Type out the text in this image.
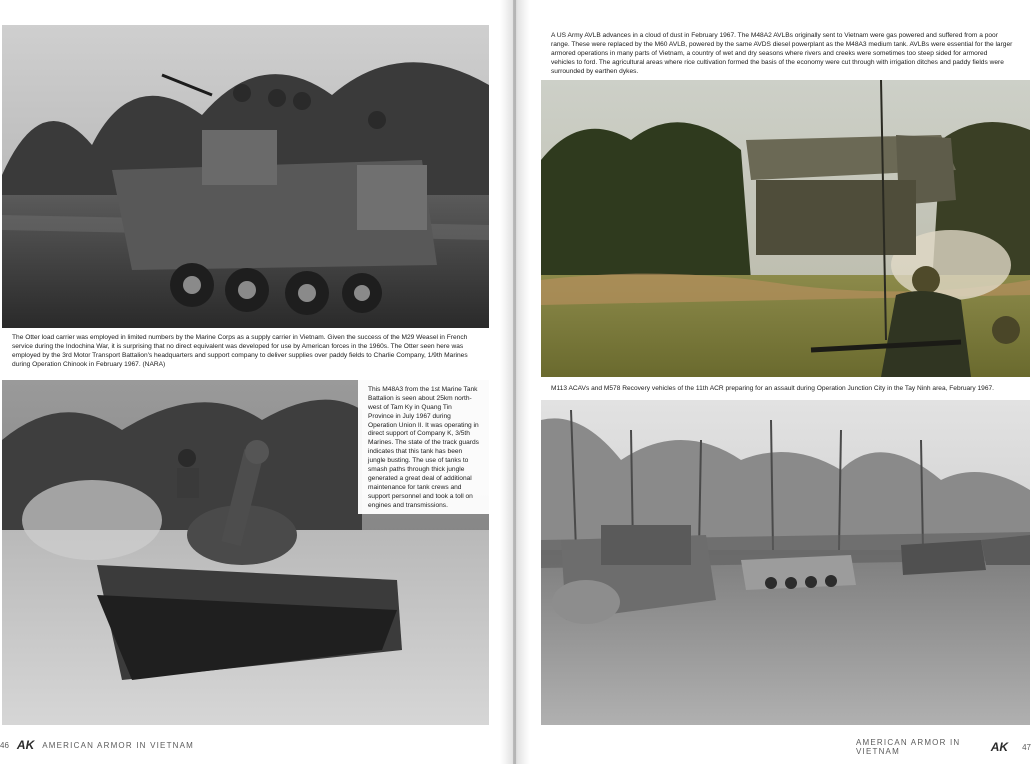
The Otter load carrier was employed in limited numbers by the Marine Corps as a supply carrier in Vietnam. Given the success of the M29 Weasel in French service during the Indochina War, it is surprising that no direct equivalent was developed for use by American forces in the 1960s. The Otter seen here was employed by the 3rd Motor Transport Battalion's headquarters and support company to deliver supplies over paddy fields to Charlie Company, 1/9th Marines during Operation Chinook in February 1967. (NARA)
This M48A3 from the 1st Marine Tank Battalion is seen about 25km north-west of Tam Ky in Quang Tin Province in July 1967 during Operation Union II. It was operating in direct support of Company K, 3/5th Marines. The state of the track guards indicates that this tank has been jungle busting. The use of tanks to smash paths through thick jungle generated a great deal of additional maintenance for tank crews and support personnel and took a toll on engines and transmissions.
46 AK AMERICAN ARMOR IN VIETNAM
A US Army AVLB advances in a cloud of dust in February 1967. The M48A2 AVLBs originally sent to Vietnam were gas powered and suffered from a poor range. These were replaced by the M60 AVLB, powered by the same AVDS diesel powerplant as the M48A3 medium tank. AVLBs were essential for the larger armored operations in many parts of Vietnam, a country of wet and dry seasons where rivers and creeks were sometimes too steep sided for armored vehicles to ford. The agricultural areas where rice cultivation formed the basis of the economy were cut through with irrigation ditches and paddy fields were surrounded by earthen dykes.
M113 ACAVs and M578 Recovery vehicles of the 11th ACR preparing for an assault during Operation Junction City in the Tay Ninh area, February 1967.
AMERICAN ARMOR IN VIETNAM	AK 47
